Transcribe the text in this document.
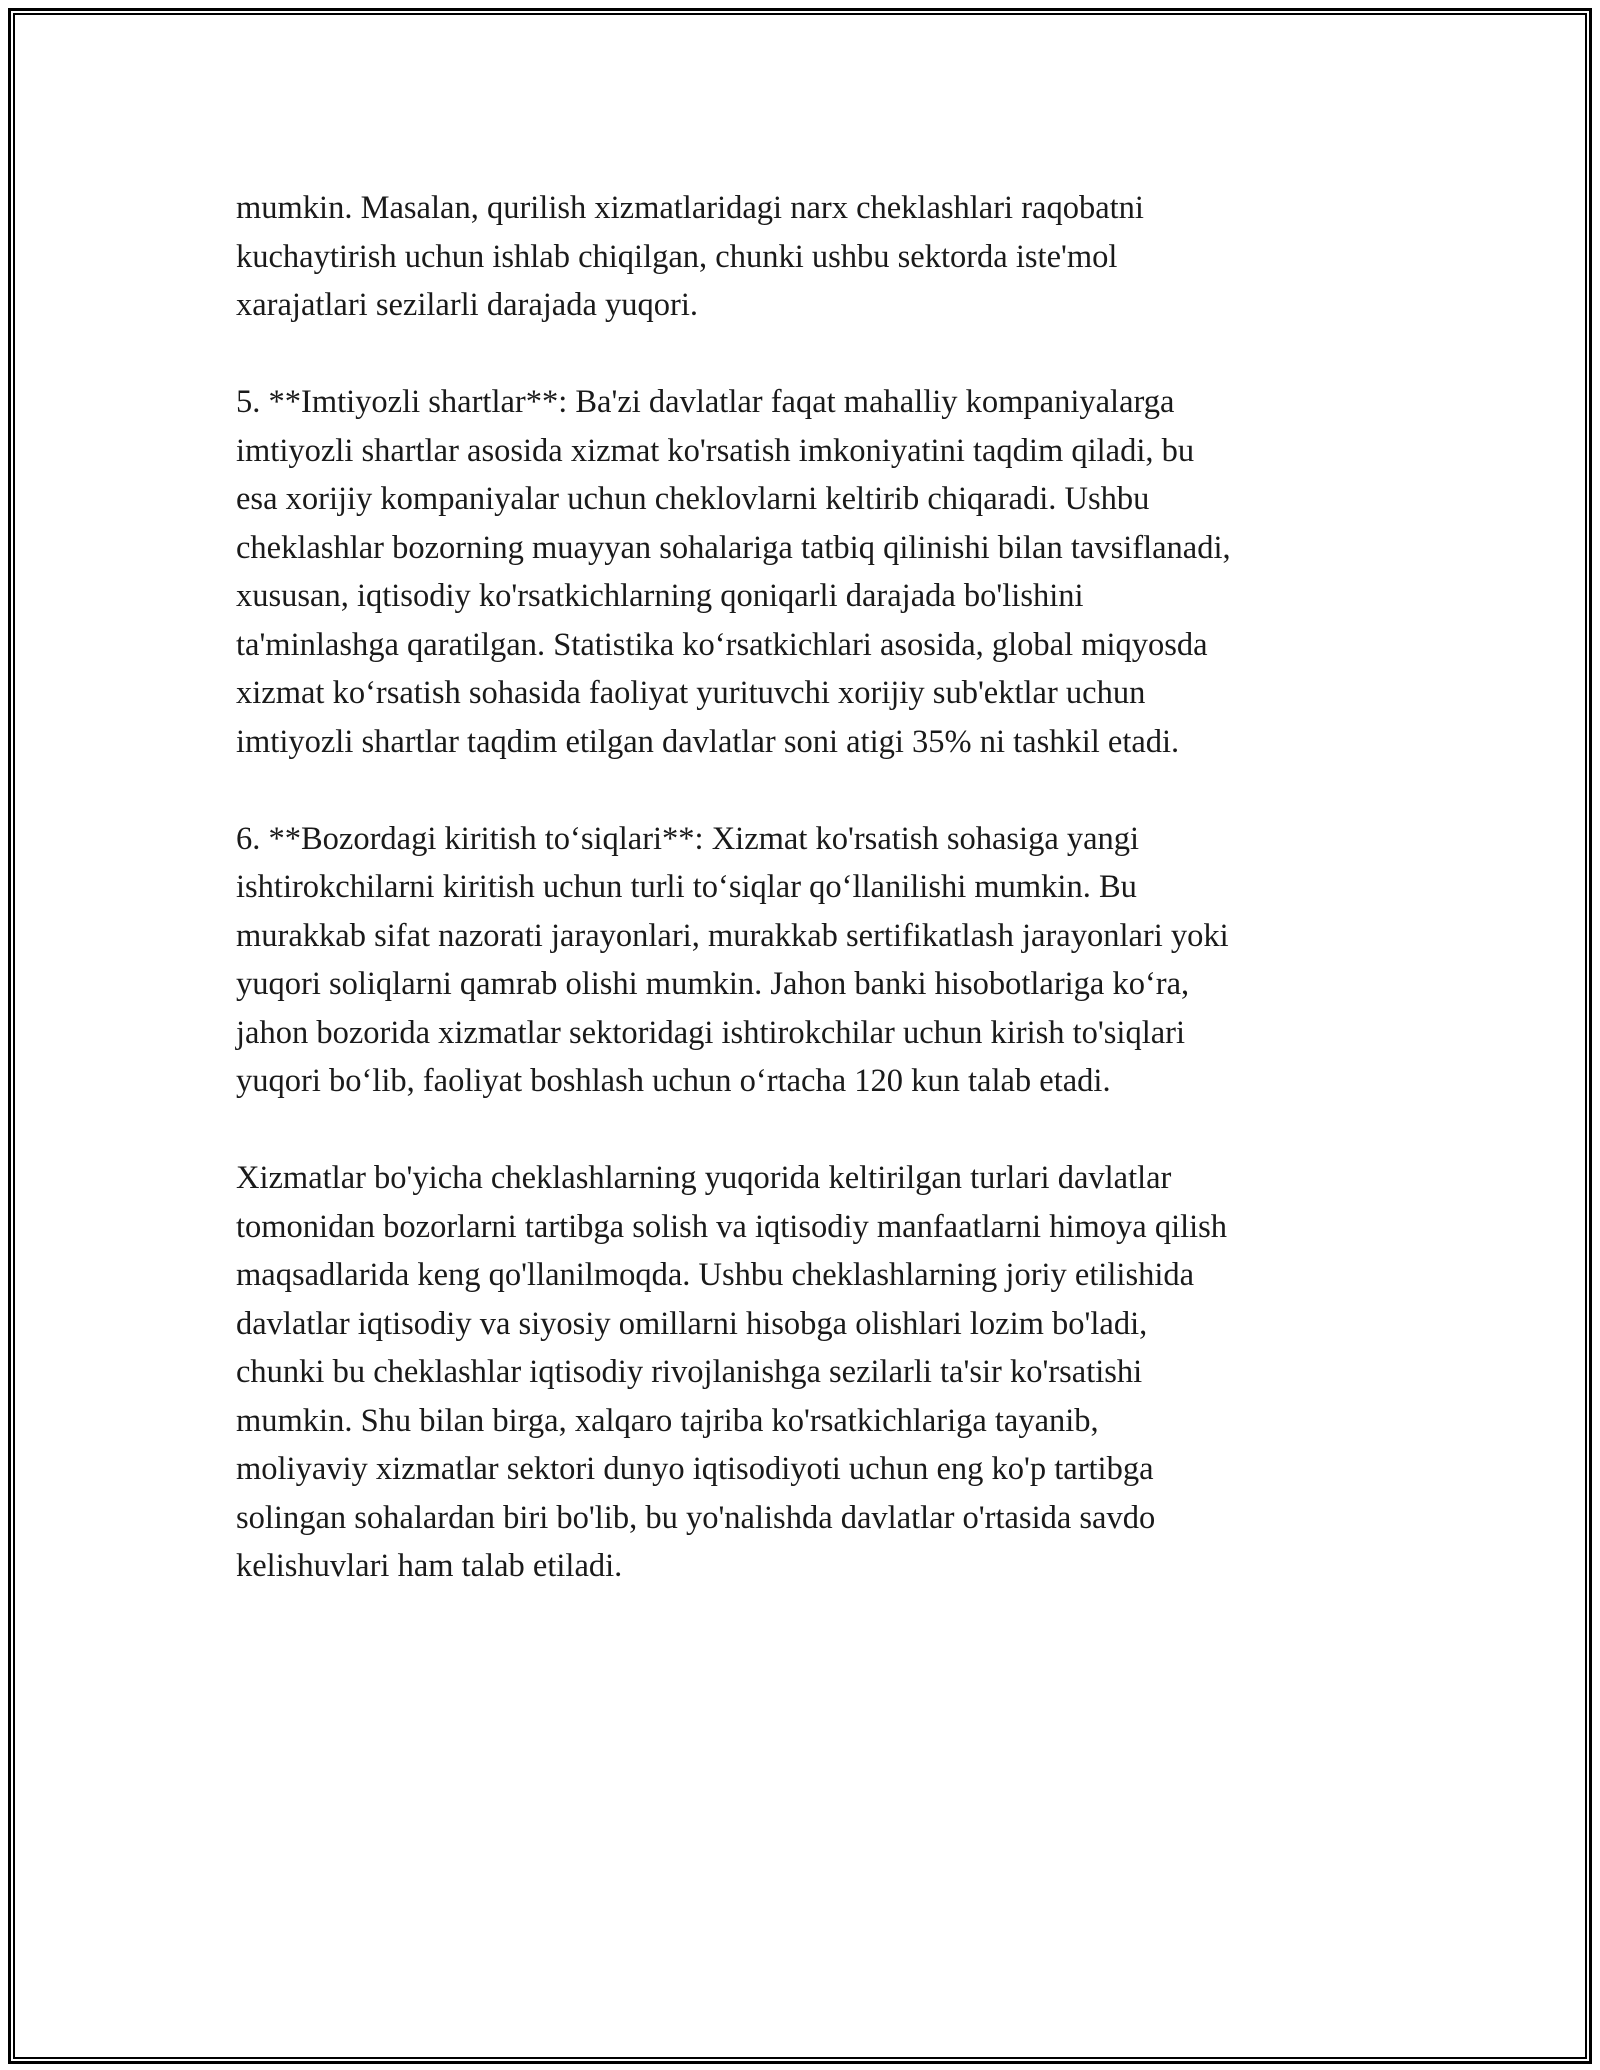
mumkin. Masalan, qurilish xizmatlaridagi narx cheklashlari raqobatni
kuchaytirish uchun ishlab chiqilgan, chunki ushbu sektorda iste'mol
xarajatlari sezilarli darajada yuqori.
5. **Imtiyozli shartlar**: Ba'zi davlatlar faqat mahalliy kompaniyalarga
imtiyozli shartlar asosida xizmat ko'rsatish imkoniyatini taqdim qiladi, bu
esa xorijiy kompaniyalar uchun cheklovlarni keltirib chiqaradi. Ushbu
cheklashlar bozorning muayyan sohalariga tatbiq qilinishi bilan tavsiflanadi,
xususan, iqtisodiy ko'rsatkichlarning qoniqarli darajada bo'lishini
ta'minlashga qaratilgan. Statistika ko‘rsatkichlari asosida, global miqyosda
xizmat ko‘rsatish sohasida faoliyat yurituvchi xorijiy sub'ektlar uchun
imtiyozli shartlar taqdim etilgan davlatlar soni atigi 35% ni tashkil etadi.
6. **Bozordagi kiritish to‘siqlari**: Xizmat ko'rsatish sohasiga yangi
ishtirokchilarni kiritish uchun turli to‘siqlar qo‘llanilishi mumkin. Bu
murakkab sifat nazorati jarayonlari, murakkab sertifikatlash jarayonlari yoki
yuqori soliqlarni qamrab olishi mumkin. Jahon banki hisobotlariga ko‘ra,
jahon bozorida xizmatlar sektoridagi ishtirokchilar uchun kirish to'siqlari
yuqori bo‘lib, faoliyat boshlash uchun o‘rtacha 120 kun talab etadi.
Xizmatlar bo'yicha cheklashlarning yuqorida keltirilgan turlari davlatlar
tomonidan bozorlarni tartibga solish va iqtisodiy manfaatlarni himoya qilish
maqsadlarida keng qo'llanilmoqda. Ushbu cheklashlarning joriy etilishida
davlatlar iqtisodiy va siyosiy omillarni hisobga olishlari lozim bo'ladi,
chunki bu cheklashlar iqtisodiy rivojlanishga sezilarli ta'sir ko'rsatishi
mumkin. Shu bilan birga, xalqaro tajriba ko'rsatkichlariga tayanib,
moliyaviy xizmatlar sektori dunyo iqtisodiyoti uchun eng ko'p tartibga
solingan sohalardan biri bo'lib, bu yo'nalishda davlatlar o'rtasida savdo
kelishuvlari ham talab etiladi.
